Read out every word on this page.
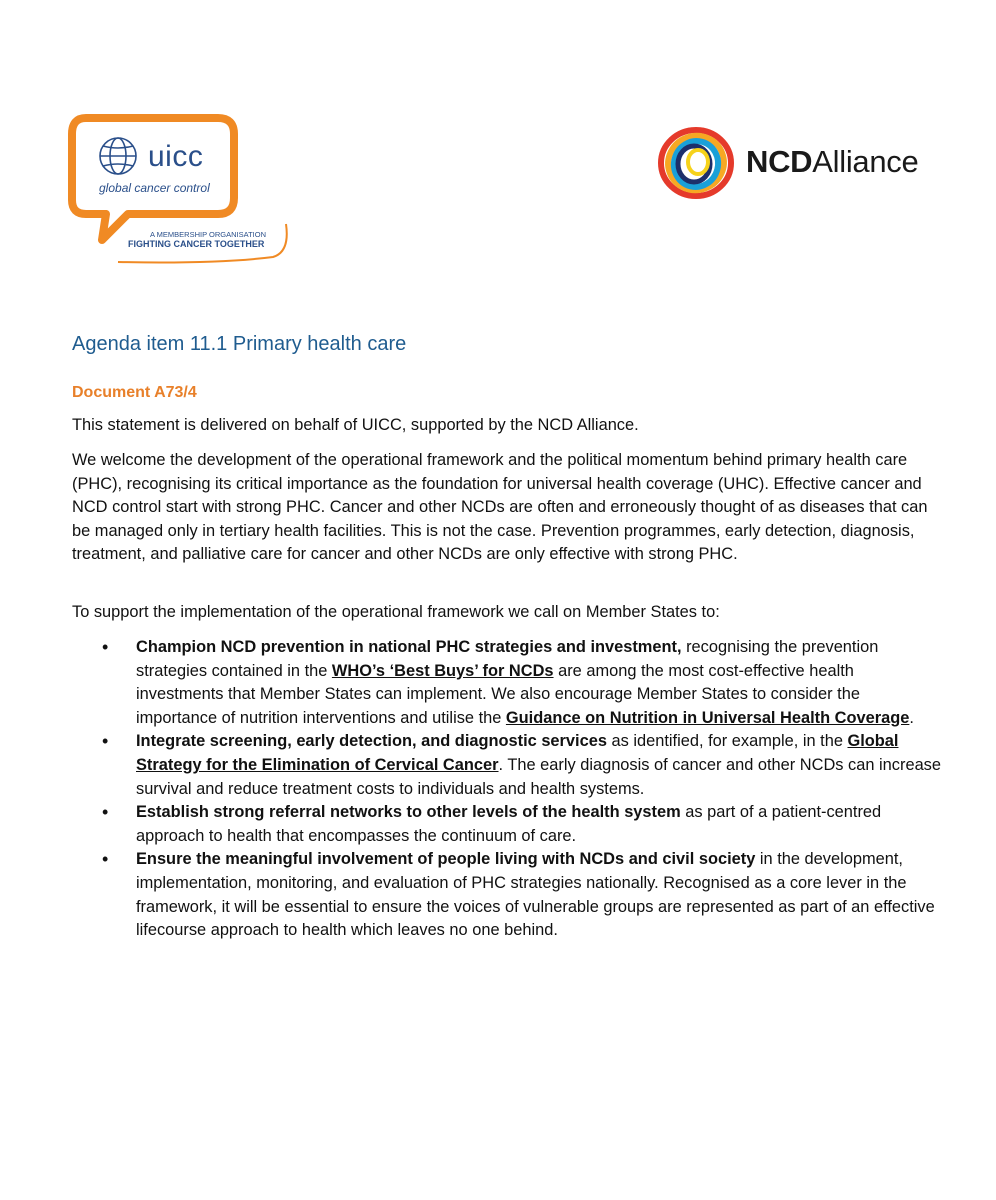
uicc
global cancer control
A MEMBERSHIP ORGANISATION
FIGHTING CANCER TOGETHER
NCDAlliance
Agenda item 11.1 Primary health care
Document A73/4

This statement is delivered on behalf of UICC, supported by the NCD Alliance.

We welcome the development of the operational framework and the political momentum behind primary health care (PHC), recognising its critical importance as the foundation for universal health coverage (UHC). Effective cancer and NCD control start with strong PHC. Cancer and other NCDs are often and erroneously thought of as diseases that can be managed only in tertiary health facilities. This is not the case. Prevention programmes, early detection, diagnosis, treatment, and palliative care for cancer and other NCDs are only effective with strong PHC.

To support the implementation of the operational framework we call on Member States to:

• Champion NCD prevention in national PHC strategies and investment, recognising the prevention strategies contained in the WHO’s ‘Best Buys’ for NCDs are among the most cost-effective health investments that Member States can implement. We also encourage Member States to consider the importance of nutrition interventions and utilise the Guidance on Nutrition in Universal Health Coverage.
• Integrate screening, early detection, and diagnostic services as identified, for example, in the Global Strategy for the Elimination of Cervical Cancer. The early diagnosis of cancer and other NCDs can increase survival and reduce treatment costs to individuals and health systems.
• Establish strong referral networks to other levels of the health system as part of a patient-centred approach to health that encompasses the continuum of care.
• Ensure the meaningful involvement of people living with NCDs and civil society in the development, implementation, monitoring, and evaluation of PHC strategies nationally. Recognised as a core lever in the framework, it will be essential to ensure the voices of vulnerable groups are represented as part of an effective lifecourse approach to health which leaves no one behind.
